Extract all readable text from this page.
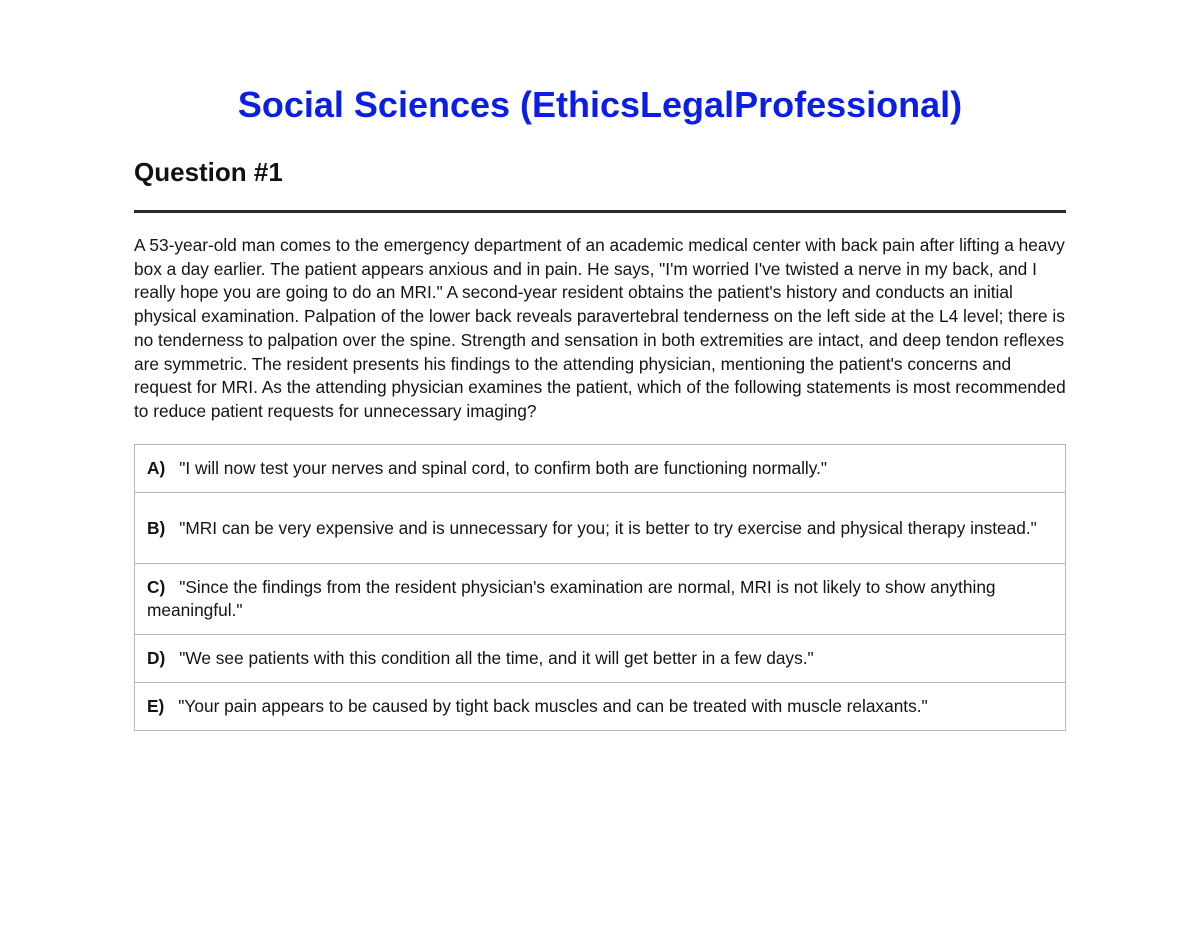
Social Sciences (EthicsLegalProfessional)
Question #1

A 53-year-old man comes to the emergency department of an academic medical center with back pain after lifting a heavy box a day earlier. The patient appears anxious and in pain. He says, "I'm worried I've twisted a nerve in my back, and I really hope you are going to do an MRI." A second-year resident obtains the patient's history and conducts an initial physical examination. Palpation of the lower back reveals paravertebral tenderness on the left side at the L4 level; there is no tenderness to palpation over the spine. Strength and sensation in both extremities are intact, and deep tendon reflexes are symmetric. The resident presents his findings to the attending physician, mentioning the patient's concerns and request for MRI. As the attending physician examines the patient, which of the following statements is most recommended to reduce patient requests for unnecessary imaging?

A) "I will now test your nerves and spinal cord, to confirm both are functioning normally."
B) "MRI can be very expensive and is unnecessary for you; it is better to try exercise and physical therapy instead."
C) "Since the findings from the resident physician's examination are normal, MRI is not likely to show anything meaningful."
D) "We see patients with this condition all the time, and it will get better in a few days."
E) "Your pain appears to be caused by tight back muscles and can be treated with muscle relaxants."
